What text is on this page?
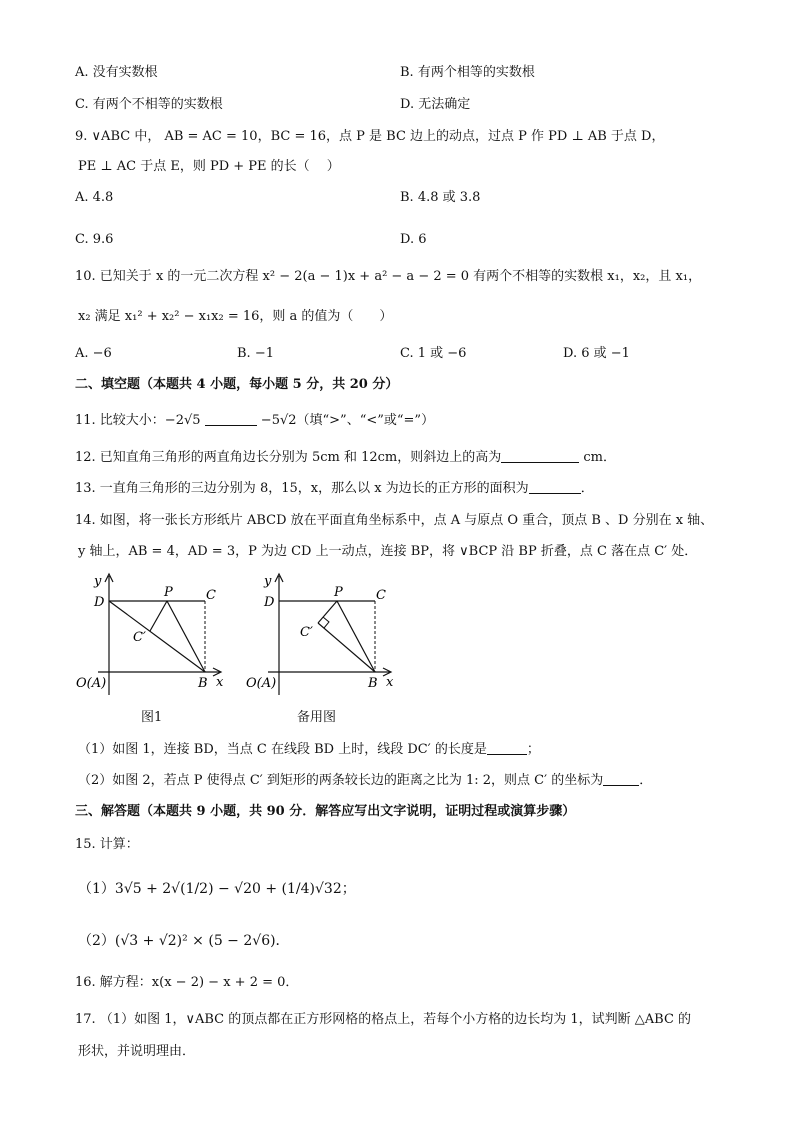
A. 没有实数根	B. 有两个相等的实数根
C. 有两个不相等的实数根	D. 无法确定
9. ∨ABC 中， AB = AC = 10，BC = 16，点 P 是 BC 边上的动点，过点 P 作 PD ⊥ AB 于点 D，
PE ⊥ AC 于点 E，则 PD + PE 的长（　 ）
A. 4.8	B. 4.8 或 3.8
C. 9.6	D. 6
10. 已知关于 x 的一元二次方程 x² − 2(a − 1)x + a² − a − 2 = 0 有两个不相等的实数根 x₁，x₂，且 x₁，
x₂ 满足 x₁² + x₂² − x₁x₂ = 16，则 a 的值为（　　）
A. −6	B. −1	C. 1 或 −6	D. 6 或 −1
二、填空题（本题共 4 小题，每小题 5 分，共 20 分）
11. 比较大小：−2√5	−5√2（填“>”、“<”或“=”）
12. 已知直角三角形的两直角边长分别为 5cm 和 12cm，则斜边上的高为	cm．
13. 一直角三角形的三边分别为 8，15，x，那么以 x 为边长的正方形的面积为	．
14. 如图，将一张长方形纸片 ABCD 放在平面直角坐标系中，点 A 与原点 O 重合，顶点 B 、D 分别在 x 轴、
y 轴上，AB = 4，AD = 3，P 为边 CD 上一动点，连接 BP，将 ∨BCP 沿 BP 折叠，点 C 落在点 C′ 处．
y
D
P	C
C′
O(A)	B x
图1
y
D
P	C
C′
O(A)	B x
备用图
（1）如图 1，连接 BD，当点 C 在线段 BD 上时，线段 DC′ 的长度是	；
（2）如图 2，若点 P 使得点 C′ 到矩形的两条较长边的距离之比为 1: 2，则点 C′ 的坐标为	．
三、解答题（本题共 9 小题，共 90 分．解答应写出文字说明，证明过程或演算步骤）
15. 计算：
（1）3√5 + 2√(1/2) − √20 + (1/4)√32；
（2）(√3 + √2)² × (5 − 2√6)．
16. 解方程：x(x − 2) − x + 2 = 0．
17. （1）如图 1，∨ABC 的顶点都在正方形网格的格点上，若每个小方格的边长均为 1，试判断 △ABC 的
形状，并说明理由．
